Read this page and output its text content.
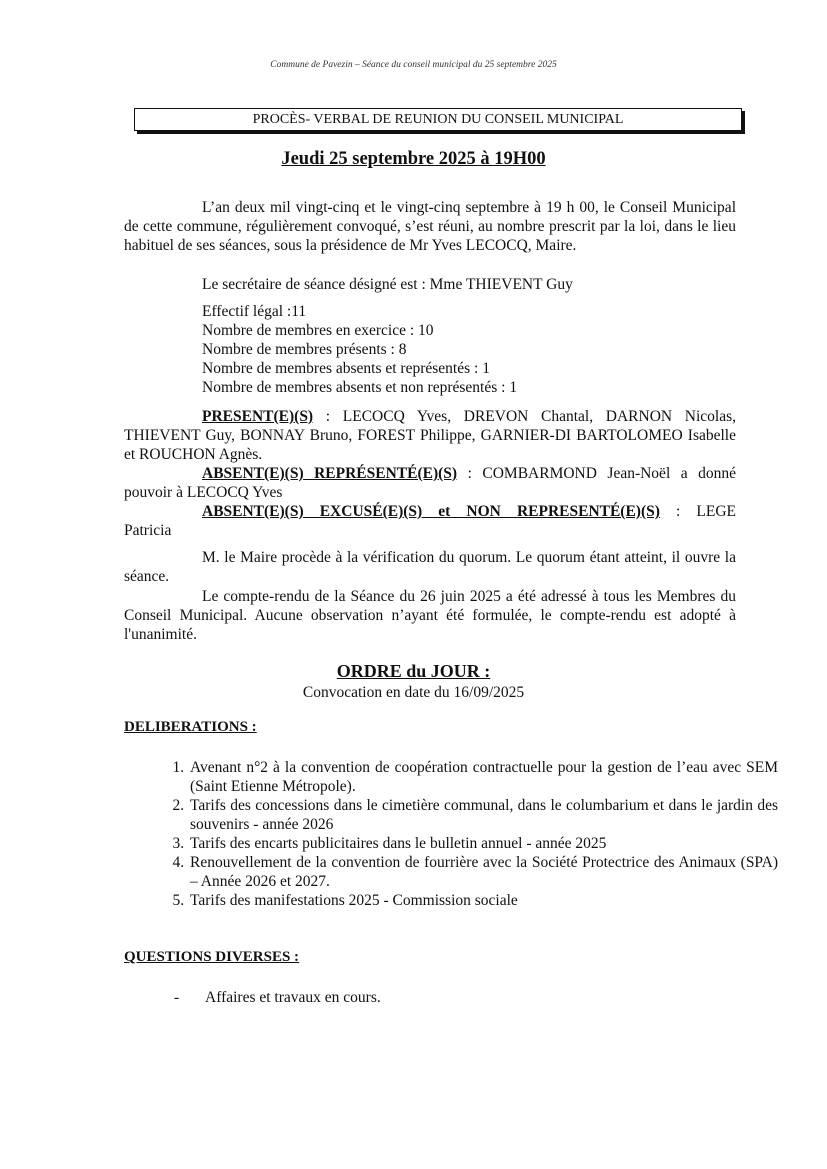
Commune de Pavezin – Séance du conseil municipal du 25 septembre 2025
PROCÈS- VERBAL DE REUNION DU CONSEIL MUNICIPAL
Jeudi 25 septembre 2025 à 19H00

L’an deux mil vingt-cinq et le vingt-cinq septembre à 19 h 00, le Conseil Municipal de cette commune, régulièrement convoqué, s’est réuni, au nombre prescrit par la loi, dans le lieu habituel de ses séances, sous la présidence de Mr Yves LECOCQ, Maire.

Le secrétaire de séance désigné est : Mme THIEVENT Guy
Effectif légal :11
Nombre de membres en exercice : 10
Nombre de membres présents : 8
Nombre de membres absents et représentés : 1
Nombre de membres absents et non représentés : 1

PRESENT(E)(S) : LECOCQ Yves, DREVON Chantal, DARNON Nicolas, THIEVENT Guy, BONNAY Bruno, FOREST Philippe, GARNIER-DI BARTOLOMEO Isabelle et ROUCHON Agnès.

ABSENT(E)(S) REPRÉSENTÉ(E)(S) : COMBARMOND Jean-Noël a donné pouvoir à LECOCQ Yves

ABSENT(E)(S) EXCUSÉ(E)(S) et NON REPRESENTÉ(E)(S) : LEGE Patricia

M. le Maire procède à la vérification du quorum. Le quorum étant atteint, il ouvre la séance.

Le compte-rendu de la Séance du 26 juin 2025 a été adressé à tous les Membres du Conseil Municipal. Aucune observation n’ayant été formulée, le compte-rendu est adopté à l'unanimité.

ORDRE du JOUR :
Convocation en date du 16/09/2025
DELIBERATIONS :
1. Avenant n°2 à la convention de coopération contractuelle pour la gestion de l’eau avec SEM (Saint Etienne Métropole).
2. Tarifs des concessions dans le cimetière communal, dans le columbarium et dans le jardin des souvenirs - année 2026
3. Tarifs des encarts publicitaires dans le bulletin annuel - année 2025
4. Renouvellement de la convention de fourrière avec la Société Protectrice des Animaux (SPA) – Année 2026 et 2027.
5. Tarifs des manifestations 2025 - Commission sociale
QUESTIONS DIVERSES :
- Affaires et travaux en cours.
